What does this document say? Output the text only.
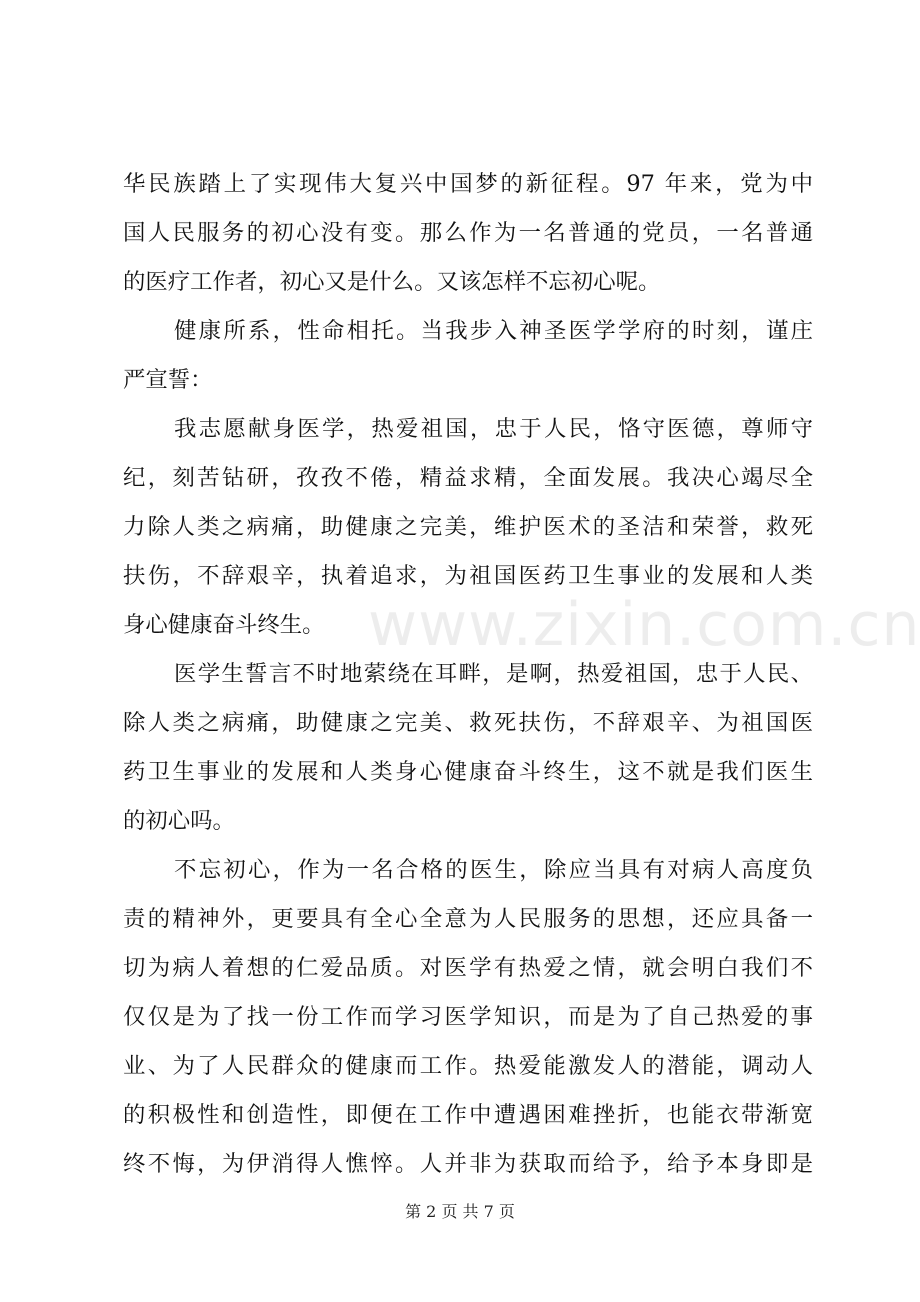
www.zixin.com.cn
华民族踏上了实现伟大复兴中国梦的新征程。97 年来，党为中
国人民服务的初心没有变。那么作为一名普通的党员，一名普通
的医疗工作者，初心又是什么。又该怎样不忘初心呢。
健康所系，性命相托。当我步入神圣医学学府的时刻，谨庄
严宣誓：
我志愿献身医学，热爱祖国，忠于人民，恪守医德，尊师守
纪，刻苦钻研，孜孜不倦，精益求精，全面发展。我决心竭尽全
力除人类之病痛，助健康之完美，维护医术的圣洁和荣誉，救死
扶伤，不辞艰辛，执着追求，为祖国医药卫生事业的发展和人类
身心健康奋斗终生。
医学生誓言不时地萦绕在耳畔，是啊，热爱祖国，忠于人民、
除人类之病痛，助健康之完美、救死扶伤，不辞艰辛、为祖国医
药卫生事业的发展和人类身心健康奋斗终生，这不就是我们医生
的初心吗。
不忘初心，作为一名合格的医生，除应当具有对病人高度负
责的精神外，更要具有全心全意为人民服务的思想，还应具备一
切为病人着想的仁爱品质。对医学有热爱之情，就会明白我们不
仅仅是为了找一份工作而学习医学知识，而是为了自己热爱的事
业、为了人民群众的健康而工作。热爱能激发人的潜能，调动人
的积极性和创造性，即便在工作中遭遇困难挫折，也能衣带渐宽
终不悔，为伊消得人憔悴。人并非为获取而给予，给予本身即是
第 2 页 共 7 页
